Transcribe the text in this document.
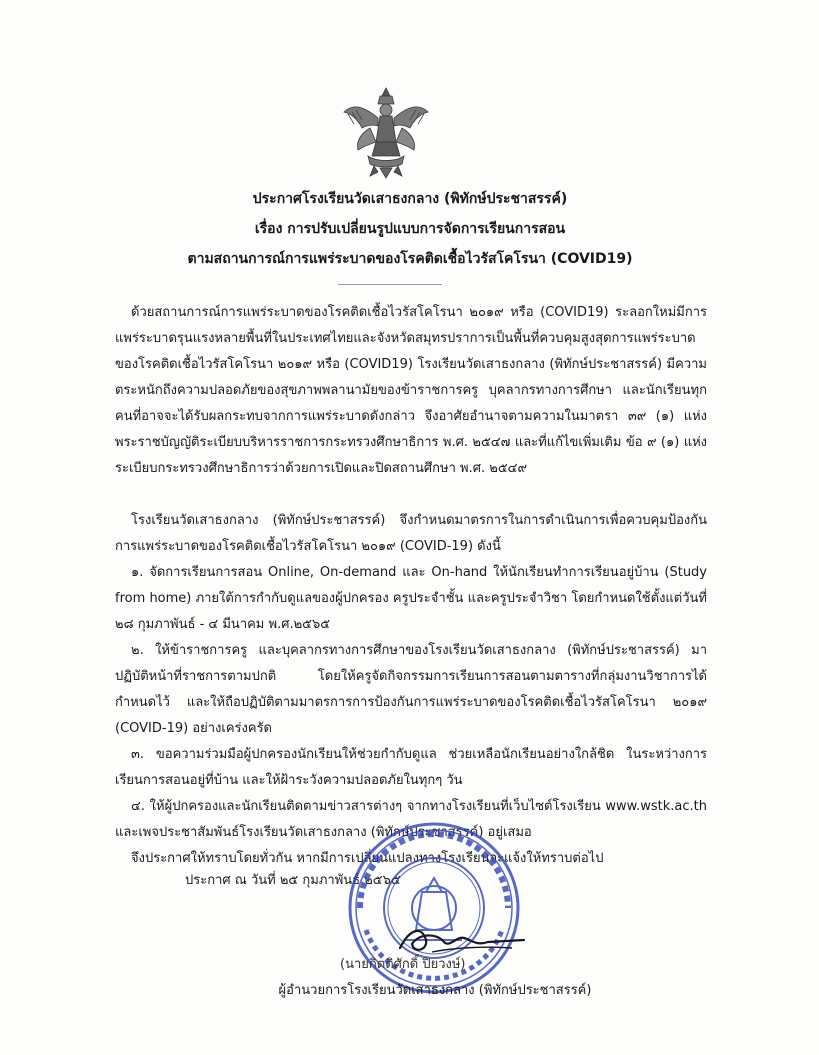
ประกาศโรงเรียนวัดเสาธงกลาง (พิทักษ์ประชาสรรค์)
เรื่อง การปรับเปลี่ยนรูปแบบการจัดการเรียนการสอน
ตามสถานการณ์การแพร่ระบาดของโรคติดเชื้อไวรัสโคโรนา (COVID19)

ด้วยสถานการณ์การแพร่ระบาดของโรคติดเชื้อไวรัสโคโรนา ๒๐๑๙ หรือ (COVID19) ระลอกใหม่มีการแพร่ระบาดรุนแรงหลายพื้นที่ในประเทศไทยและจังหวัดสมุทรปราการเป็นพื้นที่ควบคุมสูงสุดการแพร่ระบาดของโรคติดเชื้อไวรัสโคโรนา ๒๐๑๙ หรือ (COVID19) โรงเรียนวัดเสาธงกลาง (พิทักษ์ประชาสรรค์) มีความตระหนักถึงความปลอดภัยของสุขภาพพลานามัยของข้าราชการครู บุคลากรทางการศึกษา และนักเรียนทุกคนที่อาจจะได้รับผลกระทบจากการแพร่ระบาดดังกล่าว จึงอาศัยอำนาจตามความในมาตรา ๓๙ (๑) แห่งพระราชบัญญัติระเบียบบริหารราชการกระทรวงศึกษาธิการ พ.ศ. ๒๕๔๗ และที่แก้ไขเพิ่มเติม ข้อ ๙ (๑) แห่งระเบียบกระทรวงศึกษาธิการว่าด้วยการเปิดและปิดสถานศึกษา พ.ศ. ๒๕๔๙

โรงเรียนวัดเสาธงกลาง (พิทักษ์ประชาสรรค์) จึงกำหนดมาตรการในการดำเนินการเพื่อควบคุมป้องกันการแพร่ระบาดของโรคติดเชื้อไวรัสโคโรนา ๒๐๑๙ (COVID-19) ดังนี้

๑. จัดการเรียนการสอน Online, On-demand และ On-hand ให้นักเรียนทำการเรียนอยู่บ้าน (Study from home) ภายใต้การกำกับดูแลของผู้ปกครอง ครูประจำชั้น และครูประจำวิชา โดยกำหนดใช้ตั้งแต่วันที่ ๒๘ กุมภาพันธ์ - ๔ มีนาคม พ.ศ.๒๕๖๕

๒. ให้ข้าราชการครู และบุคลากรทางการศึกษาของโรงเรียนวัดเสาธงกลาง (พิทักษ์ประชาสรรค์) มาปฏิบัติหน้าที่ราชการตามปกติ โดยให้ครูจัดกิจกรรมการเรียนการสอนตามตารางที่กลุ่มงานวิชาการได้กำหนดไว้ และให้ถือปฏิบัติตามมาตรการการป้องกันการแพร่ระบาดของโรคติดเชื้อไวรัสโคโรนา ๒๐๑๙ (COVID-19) อย่างเคร่งครัด

๓. ขอความร่วมมือผู้ปกครองนักเรียนให้ช่วยกำกับดูแล ช่วยเหลือนักเรียนอย่างใกล้ชิด ในระหว่างการเรียนการสอนอยู่ที่บ้าน และให้ฝ้าระวังความปลอดภัยในทุกๆ วัน

๔. ให้ผู้ปกครองและนักเรียนติดตามข่าวสารต่างๆ จากทางโรงเรียนที่เว็บไซต์โรงเรียน www.wstk.ac.th และเพจประชาสัมพันธ์โรงเรียนวัดเสาธงกลาง (พิทักษ์ประชาสรรค์) อยู่เสมอ

จึงประกาศให้ทราบโดยทั่วกัน หากมีการเปลี่ยนแปลงทางโรงเรียนจะแจ้งให้ทราบต่อไป

ประกาศ ณ วันที่ ๒๕ กุมภาพันธ์ ๒๕๖๕
(นายกิตติศักดิ์ ปิยวงษ์)
ผู้อำนวยการโรงเรียนวัดเสาธงกลาง (พิทักษ์ประชาสรรค์)
